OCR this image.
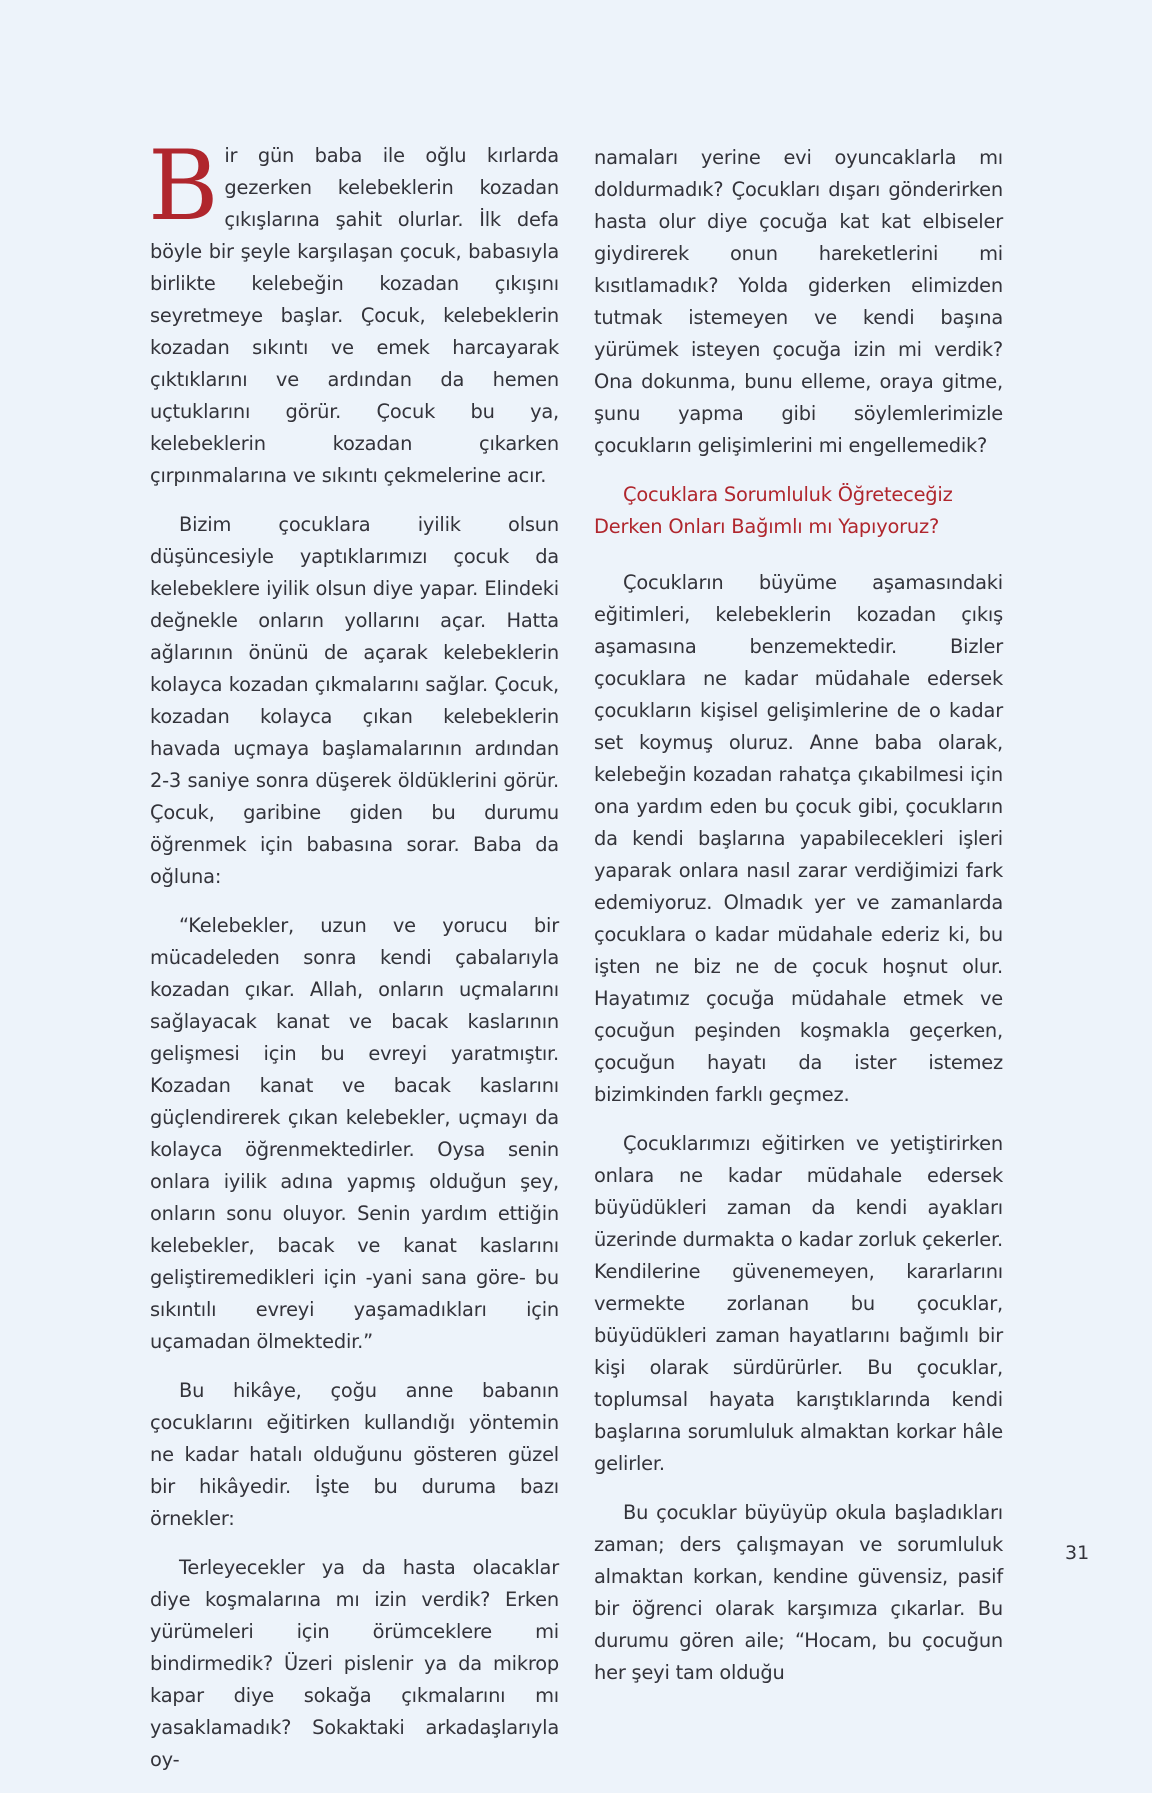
Bir gün baba ile oğlu kırlarda gezerken kelebeklerin kozadan çıkışlarına şahit olurlar. İlk defa böyle bir şeyle karşılaşan çocuk, babasıyla birlikte kelebeğin kozadan çıkışını seyretmeye başlar. Çocuk, kelebeklerin kozadan sıkıntı ve emek harcayarak çıktıklarını ve ardından da hemen uçtuklarını görür. Çocuk bu ya, kelebeklerin kozadan çıkarken çırpınmalarına ve sıkıntı çekmelerine acır.

Bizim çocuklara iyilik olsun düşüncesiyle yaptıklarımızı çocuk da kelebeklere iyilik olsun diye yapar. Elindeki değnekle onların yollarını açar. Hatta ağlarının önünü de açarak kelebeklerin kolayca kozadan çıkmalarını sağlar. Çocuk, kozadan kolayca çıkan kelebeklerin havada uçmaya başlamalarının ardından 2-3 saniye sonra düşerek öldüklerini görür. Çocuk, garibine giden bu durumu öğrenmek için babasına sorar. Baba da oğluna:

“Kelebekler, uzun ve yorucu bir mücadeleden sonra kendi çabalarıyla kozadan çıkar. Allah, onların uçmalarını sağlayacak kanat ve bacak kaslarının gelişmesi için bu evreyi yaratmıştır. Kozadan kanat ve bacak kaslarını güçlendirerek çıkan kelebekler, uçmayı da kolayca öğrenmektedirler. Oysa senin onlara iyilik adına yapmış olduğun şey, onların sonu oluyor. Senin yardım ettiğin kelebekler, bacak ve kanat kaslarını geliştiremedikleri için -yani sana göre- bu sıkıntılı evreyi yaşamadıkları için uçamadan ölmektedir.”

Bu hikâye, çoğu anne babanın çocuklarını eğitirken kullandığı yöntemin ne kadar hatalı olduğunu gösteren güzel bir hikâyedir. İşte bu duruma bazı örnekler:

Terleyecekler ya da hasta olacaklar diye koşmalarına mı izin verdik? Erken yürümeleri için örümceklere mi bindirmedik? Üzeri pislenir ya da mikrop kapar diye sokağa çıkmalarını mı yasaklamadık? Sokaktaki arkadaşlarıyla oy-

namaları yerine evi oyuncaklarla mı doldurmadık? Çocukları dışarı gönderirken hasta olur diye çocuğa kat kat elbiseler giydirerek onun hareketlerini mi kısıtlamadık? Yolda giderken elimizden tutmak istemeyen ve kendi başına yürümek isteyen çocuğa izin mi verdik? Ona dokunma, bunu elleme, oraya gitme, şunu yapma gibi söylemlerimizle çocukların gelişimlerini mi engellemedik?

Çocuklara Sorumluluk Öğreteceğiz Derken Onları Bağımlı mı Yapıyoruz?

Çocukların büyüme aşamasındaki eğitimleri, kelebeklerin kozadan çıkış aşamasına benzemektedir. Bizler çocuklara ne kadar müdahale edersek çocukların kişisel gelişimlerine de o kadar set koymuş oluruz. Anne baba olarak, kelebeğin kozadan rahatça çıkabilmesi için ona yardım eden bu çocuk gibi, çocukların da kendi başlarına yapabilecekleri işleri yaparak onlara nasıl zarar verdiğimizi fark edemiyoruz. Olmadık yer ve zamanlarda çocuklara o kadar müdahale ederiz ki, bu işten ne biz ne de çocuk hoşnut olur. Hayatımız çocuğa müdahale etmek ve çocuğun peşinden koşmakla geçerken, çocuğun hayatı da ister istemez bizimkinden farklı geçmez.

Çocuklarımızı eğitirken ve yetiştirirken onlara ne kadar müdahale edersek büyüdükleri zaman da kendi ayakları üzerinde durmakta o kadar zorluk çekerler. Kendilerine güvenemeyen, kararlarını vermekte zorlanan bu çocuklar, büyüdükleri zaman hayatlarını bağımlı bir kişi olarak sürdürürler. Bu çocuklar, toplumsal hayata karıştıklarında kendi başlarına sorumluluk almaktan korkar hâle gelirler.

Bu çocuklar büyüyüp okula başladıkları zaman; ders çalışmayan ve sorumluluk almaktan korkan, kendine güvensiz, pasif bir öğrenci olarak karşımıza çıkarlar. Bu durumu gören aile; “Hocam, bu çocuğun her şeyi tam olduğu

31
